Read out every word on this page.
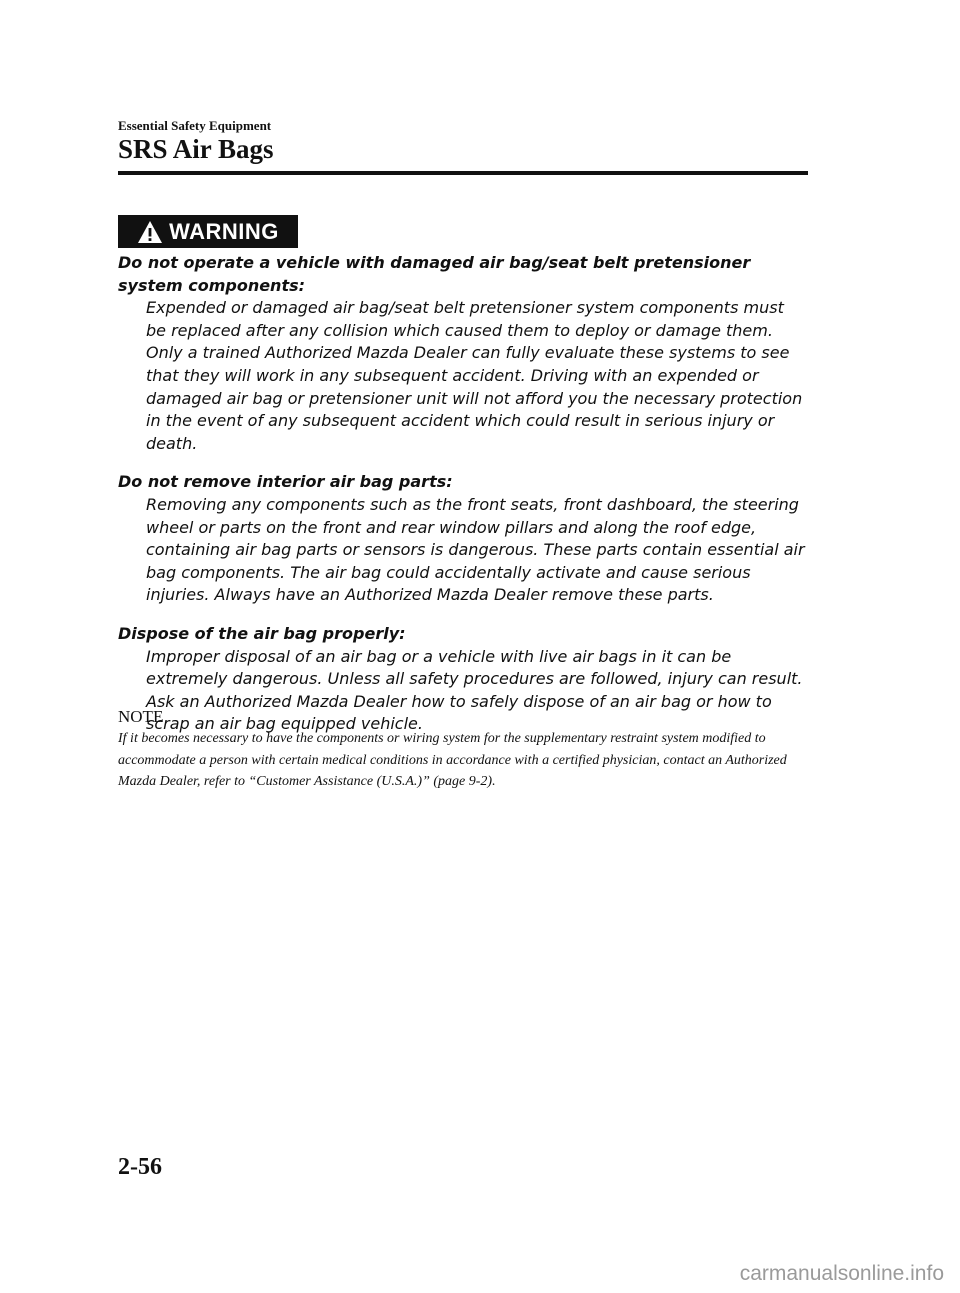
Essential Safety Equipment
SRS Air Bags
WARNING
Do not operate a vehicle with damaged air bag/seat belt pretensioner system components:
Expended or damaged air bag/seat belt pretensioner system components must be replaced after any collision which caused them to deploy or damage them. Only a trained Authorized Mazda Dealer can fully evaluate these systems to see that they will work in any subsequent accident. Driving with an expended or damaged air bag or pretensioner unit will not afford you the necessary protection in the event of any subsequent accident which could result in serious injury or death.
Do not remove interior air bag parts:
Removing any components such as the front seats, front dashboard, the steering wheel or parts on the front and rear window pillars and along the roof edge, containing air bag parts or sensors is dangerous. These parts contain essential air bag components. The air bag could accidentally activate and cause serious injuries. Always have an Authorized Mazda Dealer remove these parts.
Dispose of the air bag properly:
Improper disposal of an air bag or a vehicle with live air bags in it can be extremely dangerous. Unless all safety procedures are followed, injury can result. Ask an Authorized Mazda Dealer how to safely dispose of an air bag or how to scrap an air bag equipped vehicle.
NOTE
If it becomes necessary to have the components or wiring system for the supplementary restraint system modified to accommodate a person with certain medical conditions in accordance with a certified physician, contact an Authorized Mazda Dealer, refer to “Customer Assistance (U.S.A.)” (page 9-2).
2-56
carmanualsonline.info
